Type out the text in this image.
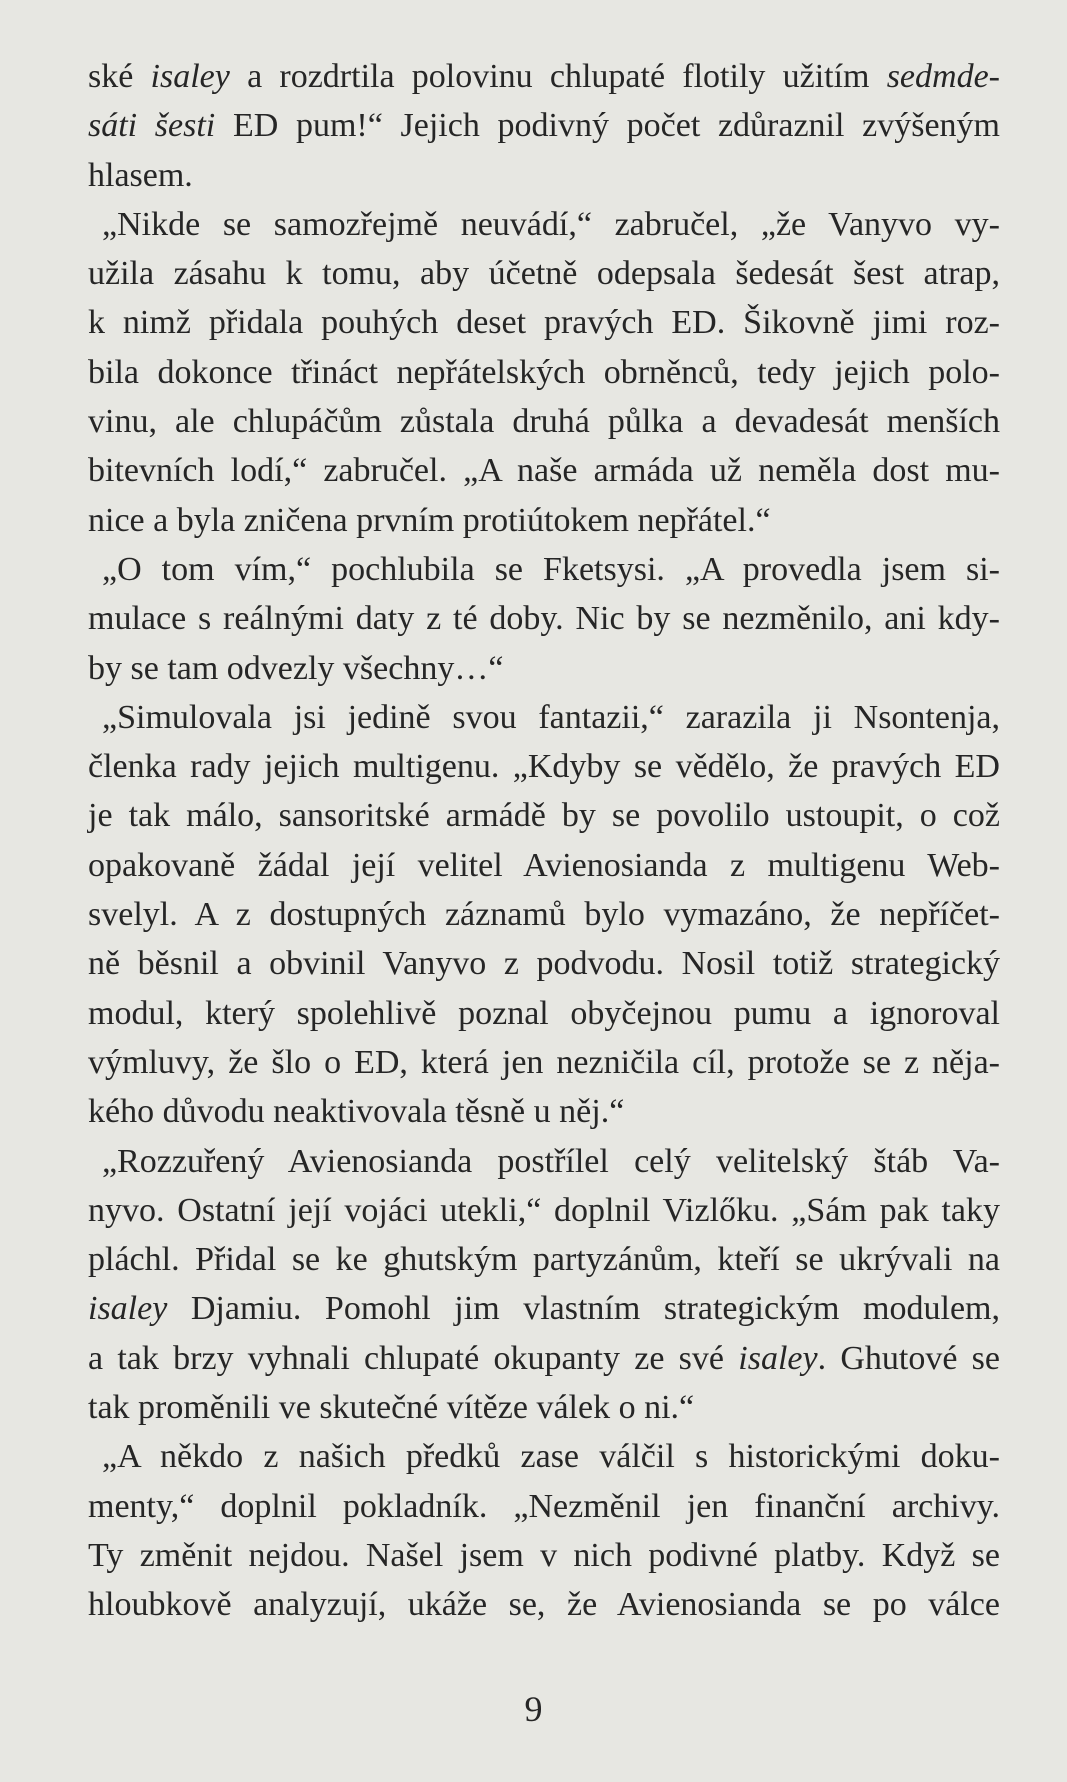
ské isaley a rozdrtila polovinu chlupaté flotily užitím sedmde-
sáti šesti ED pum!“ Jejich podivný počet zdůraznil zvýšeným
hlasem.
„Nikde se samozřejmě neuvádí,“ zabručel, „že Vanyvo vy-
užila zásahu k tomu, aby účetně odepsala šedesát šest atrap,
k nimž přidala pouhých deset pravých ED. Šikovně jimi roz-
bila dokonce třináct nepřátelských obrněnců, tedy jejich polo-
vinu, ale chlupáčům zůstala druhá půlka a devadesát menších
bitevních lodí,“ zabručel. „A naše armáda už neměla dost mu-
nice a byla zničena prvním protiútokem nepřátel.“
„O tom vím,“ pochlubila se Fketsysi. „A provedla jsem si-
mulace s reálnými daty z té doby. Nic by se nezměnilo, ani kdy-
by se tam odvezly všechny…“
„Simulovala jsi jedině svou fantazii,“ zarazila ji Nsontenja,
členka rady jejich multigenu. „Kdyby se vědělo, že pravých ED
je tak málo, sansoritské armádě by se povolilo ustoupit, o což
opakovaně žádal její velitel Avienosianda z multigenu Web-
svelyl. A z dostupných záznamů bylo vymazáno, že nepříčet-
ně běsnil a obvinil Vanyvo z podvodu. Nosil totiž strategický
modul, který spolehlivě poznal obyčejnou pumu a ignoroval
výmluvy, že šlo o ED, která jen nezničila cíl, protože se z něja-
kého důvodu neaktivovala těsně u něj.“
„Rozzuřený Avienosianda postřílel celý velitelský štáb Va-
nyvo. Ostatní její vojáci utekli,“ doplnil Vizlőku. „Sám pak taky
pláchl. Přidal se ke ghutským partyzánům, kteří se ukrývali na
isaley Djamiu. Pomohl jim vlastním strategickým modulem,
a tak brzy vyhnali chlupaté okupanty ze své isaley. Ghutové se
tak proměnili ve skutečné vítěze válek o ni.“
„A někdo z našich předků zase válčil s historickými doku-
menty,“ doplnil pokladník. „Nezměnil jen finanční archivy.
Ty změnit nejdou. Našel jsem v nich podivné platby. Když se
hloubkově analyzují, ukáže se, že Avienosianda se po válce
9
